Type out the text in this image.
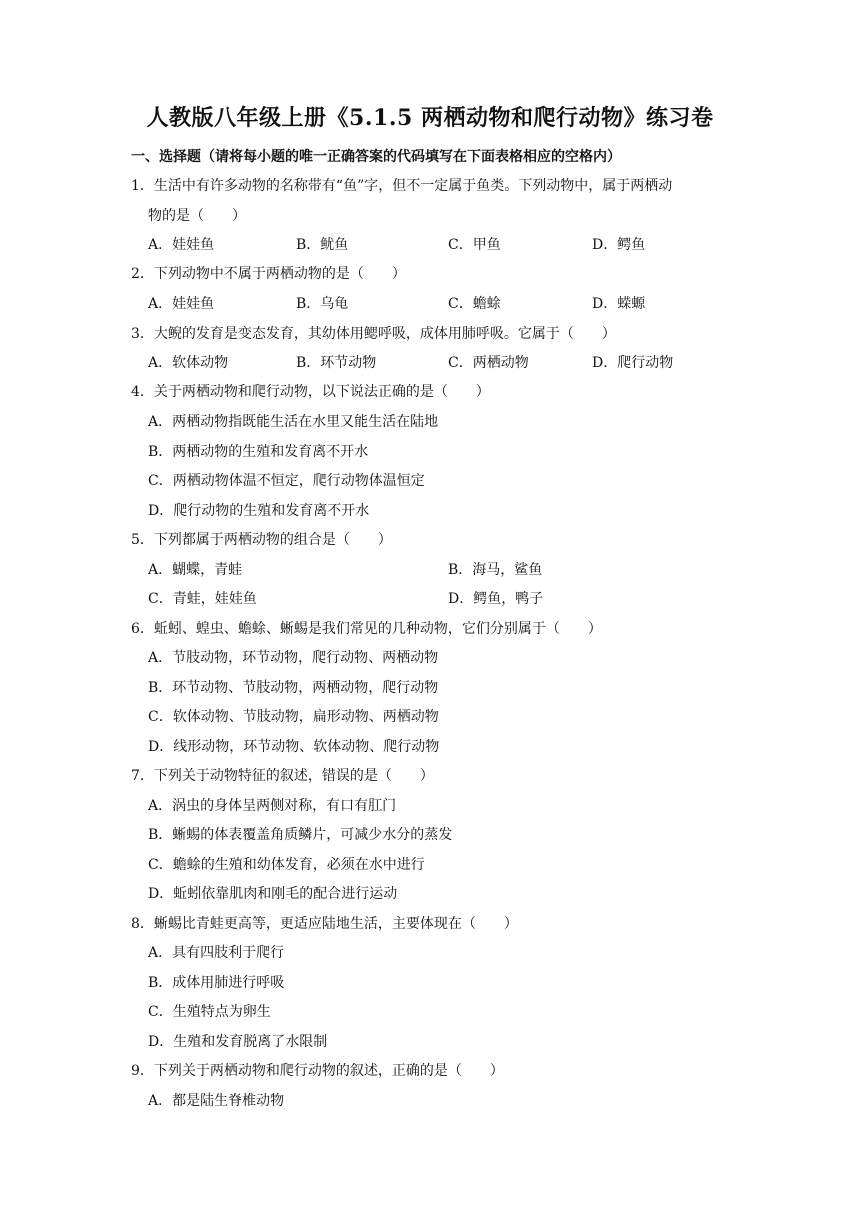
人教版八年级上册《5.1.5 两栖动物和爬行动物》练习卷
一、选择题（请将每小题的唯一正确答案的代码填写在下面表格相应的空格内）
1．生活中有许多动物的名称带有“鱼”字，但不一定属于鱼类。下列动物中，属于两栖动
物的是（　　）
A．娃娃鱼	B．鱿鱼	C．甲鱼	D．鳄鱼
2．下列动物中不属于两栖动物的是（　　）
A．娃娃鱼	B．乌龟	C．蟾蜍	D．蝾螈
3．大鲵的发育是变态发育，其幼体用鳃呼吸，成体用肺呼吸。它属于（　　）
A．软体动物	B．环节动物	C．两栖动物	D．爬行动物
4．关于两栖动物和爬行动物，以下说法正确的是（　　）
A．两栖动物指既能生活在水里又能生活在陆地
B．两栖动物的生殖和发育离不开水
C．两栖动物体温不恒定，爬行动物体温恒定
D．爬行动物的生殖和发育离不开水
5．下列都属于两栖动物的组合是（　　）
A．蝴蝶，青蛙	B．海马，鲨鱼
C．青蛙，娃娃鱼	D．鳄鱼，鸭子
6．蚯蚓、蝗虫、蟾蜍、蜥蜴是我们常见的几种动物，它们分别属于（　　）
A．节肢动物，环节动物，爬行动物、两栖动物
B．环节动物、节肢动物，两栖动物，爬行动物
C．软体动物、节肢动物，扁形动物、两栖动物
D．线形动物，环节动物、软体动物、爬行动物
7．下列关于动物特征的叙述，错误的是（　　）
A．涡虫的身体呈两侧对称，有口有肛门
B．蜥蜴的体表覆盖角质鳞片，可减少水分的蒸发
C．蟾蜍的生殖和幼体发育，必须在水中进行
D．蚯蚓依靠肌肉和刚毛的配合进行运动
8．蜥蜴比青蛙更高等，更适应陆地生活，主要体现在（　　）
A．具有四肢利于爬行
B．成体用肺进行呼吸
C．生殖特点为卵生
D．生殖和发育脱离了水限制
9．下列关于两栖动物和爬行动物的叙述，正确的是（　　）
A．都是陆生脊椎动物
